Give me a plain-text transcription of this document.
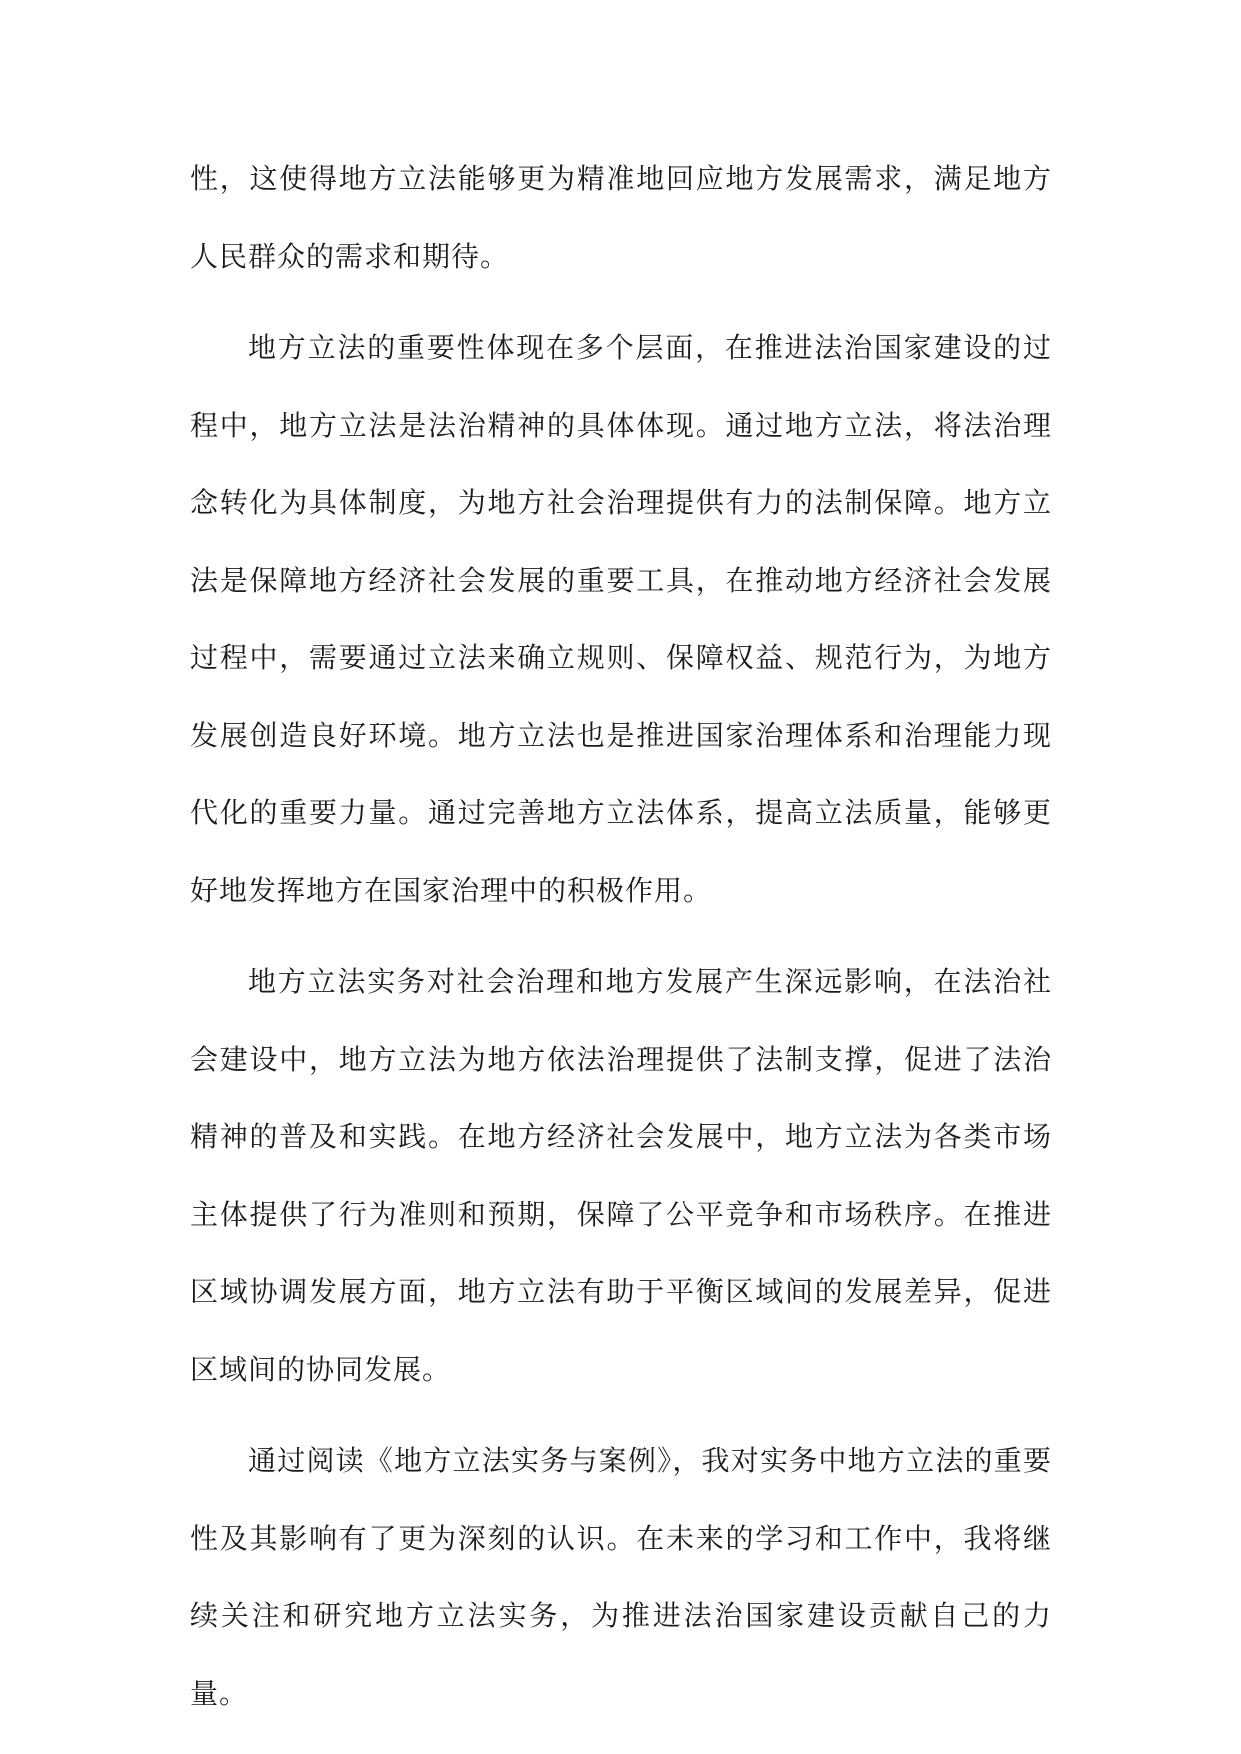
性，这使得地方立法能够更为精准地回应地方发展需求，满足地方人民群众的需求和期待。

地方立法的重要性体现在多个层面，在推进法治国家建设的过程中，地方立法是法治精神的具体体现。通过地方立法，将法治理念转化为具体制度，为地方社会治理提供有力的法制保障。地方立法是保障地方经济社会发展的重要工具，在推动地方经济社会发展过程中，需要通过立法来确立规则、保障权益、规范行为，为地方发展创造良好环境。地方立法也是推进国家治理体系和治理能力现代化的重要力量。通过完善地方立法体系，提高立法质量，能够更好地发挥地方在国家治理中的积极作用。

地方立法实务对社会治理和地方发展产生深远影响，在法治社会建设中，地方立法为地方依法治理提供了法制支撑，促进了法治精神的普及和实践。在地方经济社会发展中，地方立法为各类市场主体提供了行为准则和预期，保障了公平竞争和市场秩序。在推进区域协调发展方面，地方立法有助于平衡区域间的发展差异，促进区域间的协同发展。

通过阅读《地方立法实务与案例》，我对实务中地方立法的重要性及其影响有了更为深刻的认识。在未来的学习和工作中，我将继续关注和研究地方立法实务，为推进法治国家建设贡献自己的力量。
